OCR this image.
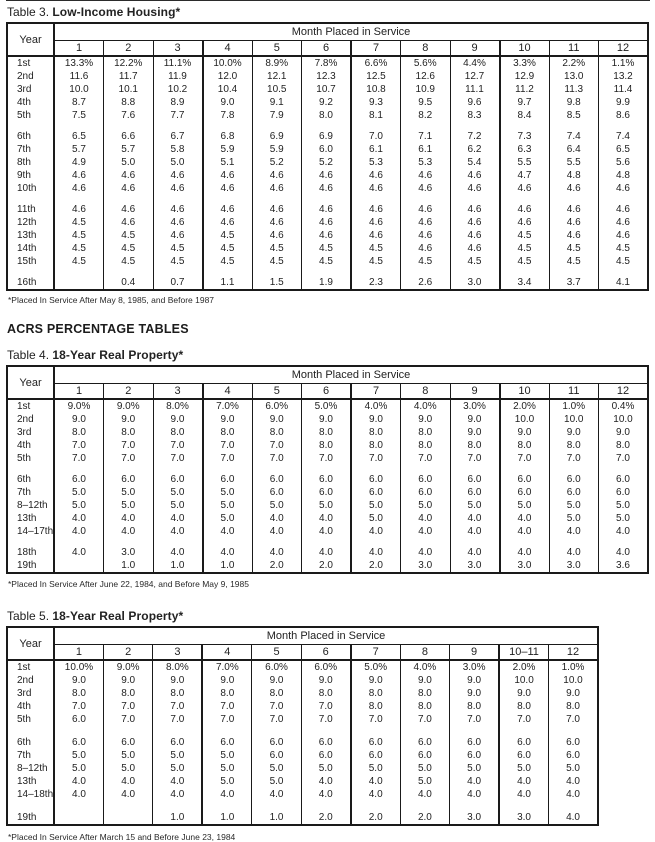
Table 3. Low-Income Housing*

Year	Month Placed in Service											
	1	2	3	4	5	6	7	8	9	10	11	12
1st	13.3%	12.2%	11.1%	10.0%	8.9%	7.8%	6.6%	5.6%	4.4%	3.3%	2.2%	1.1%
2nd	11.6	11.7	11.9	12.0	12.1	12.3	12.5	12.6	12.7	12.9	13.0	13.2
3rd	10.0	10.1	10.2	10.4	10.5	10.7	10.8	10.9	11.1	11.2	11.3	11.4
4th	8.7	8.8	8.9	9.0	9.1	9.2	9.3	9.5	9.6	9.7	9.8	9.9
5th	7.5	7.6	7.7	7.8	7.9	8.0	8.1	8.2	8.3	8.4	8.5	8.6

6th	6.5	6.6	6.7	6.8	6.9	6.9	7.0	7.1	7.2	7.3	7.4	7.4
7th	5.7	5.7	5.8	5.9	5.9	6.0	6.1	6.1	6.2	6.3	6.4	6.5
8th	4.9	5.0	5.0	5.1	5.2	5.2	5.3	5.3	5.4	5.5	5.5	5.6
9th	4.6	4.6	4.6	4.6	4.6	4.6	4.6	4.6	4.6	4.7	4.8	4.8
10th	4.6	4.6	4.6	4.6	4.6	4.6	4.6	4.6	4.6	4.6	4.6	4.6

11th	4.6	4.6	4.6	4.6	4.6	4.6	4.6	4.6	4.6	4.6	4.6	4.6
12th	4.5	4.6	4.6	4.6	4.6	4.6	4.6	4.6	4.6	4.6	4.6	4.6
13th	4.5	4.5	4.6	4.5	4.6	4.6	4.6	4.6	4.6	4.5	4.6	4.6
14th	4.5	4.5	4.5	4.5	4.5	4.5	4.5	4.6	4.6	4.5	4.5	4.5
15th	4.5	4.5	4.5	4.5	4.5	4.5	4.5	4.5	4.5	4.5	4.5	4.5

16th		0.4	0.7	1.1	1.5	1.9	2.3	2.6	3.0	3.4	3.7	4.1

*Placed In Service After May 8, 1985, and Before 1987

ACRS PERCENTAGE TABLES

Table 4. 18-Year Real Property*

Year	Month Placed in Service											
	1	2	3	4	5	6	7	8	9	10	11	12
1st	9.0%	9.0%	8.0%	7.0%	6.0%	5.0%	4.0%	4.0%	3.0%	2.0%	1.0%	0.4%
2nd	9.0	9.0	9.0	9.0	9.0	9.0	9.0	9.0	9.0	10.0	10.0	10.0
3rd	8.0	8.0	8.0	8.0	8.0	8.0	8.0	8.0	9.0	9.0	9.0	9.0
4th	7.0	7.0	7.0	7.0	7.0	8.0	8.0	8.0	8.0	8.0	8.0	8.0
5th	7.0	7.0	7.0	7.0	7.0	7.0	7.0	7.0	7.0	7.0	7.0	7.0

6th	6.0	6.0	6.0	6.0	6.0	6.0	6.0	6.0	6.0	6.0	6.0	6.0
7th	5.0	5.0	5.0	5.0	6.0	6.0	6.0	6.0	6.0	6.0	6.0	6.0
8–12th	5.0	5.0	5.0	5.0	5.0	5.0	5.0	5.0	5.0	5.0	5.0	5.0
13th	4.0	4.0	4.0	5.0	4.0	4.0	5.0	4.0	4.0	4.0	5.0	5.0
14–17th	4.0	4.0	4.0	4.0	4.0	4.0	4.0	4.0	4.0	4.0	4.0	4.0

18th	4.0	3.0	4.0	4.0	4.0	4.0	4.0	4.0	4.0	4.0	4.0	4.0
19th		1.0	1.0	1.0	2.0	2.0	2.0	3.0	3.0	3.0	3.0	3.6

*Placed In Service After June 22, 1984, and Before May 9, 1985

Table 5. 18-Year Real Property*

Year	Month Placed in Service										
	1	2	3	4	5	6	7	8	9	10–11	12
1st	10.0%	9.0%	8.0%	7.0%	6.0%	6.0%	5.0%	4.0%	3.0%	2.0%	1.0%
2nd	9.0	9.0	9.0	9.0	9.0	9.0	9.0	9.0	9.0	10.0	10.0
3rd	8.0	8.0	8.0	8.0	8.0	8.0	8.0	8.0	9.0	9.0	9.0
4th	7.0	7.0	7.0	7.0	7.0	7.0	8.0	8.0	8.0	8.0	8.0
5th	6.0	7.0	7.0	7.0	7.0	7.0	7.0	7.0	7.0	7.0	7.0

6th	6.0	6.0	6.0	6.0	6.0	6.0	6.0	6.0	6.0	6.0	6.0
7th	5.0	5.0	5.0	5.0	6.0	6.0	6.0	6.0	6.0	6.0	6.0
8–12th	5.0	5.0	5.0	5.0	5.0	5.0	5.0	5.0	5.0	5.0	5.0
13th	4.0	4.0	4.0	5.0	5.0	4.0	4.0	5.0	4.0	4.0	4.0
14–18th	4.0	4.0	4.0	4.0	4.0	4.0	4.0	4.0	4.0	4.0	4.0

19th			1.0	1.0	1.0	2.0	2.0	2.0	3.0	3.0	4.0

*Placed In Service After March 15 and Before June 23, 1984
